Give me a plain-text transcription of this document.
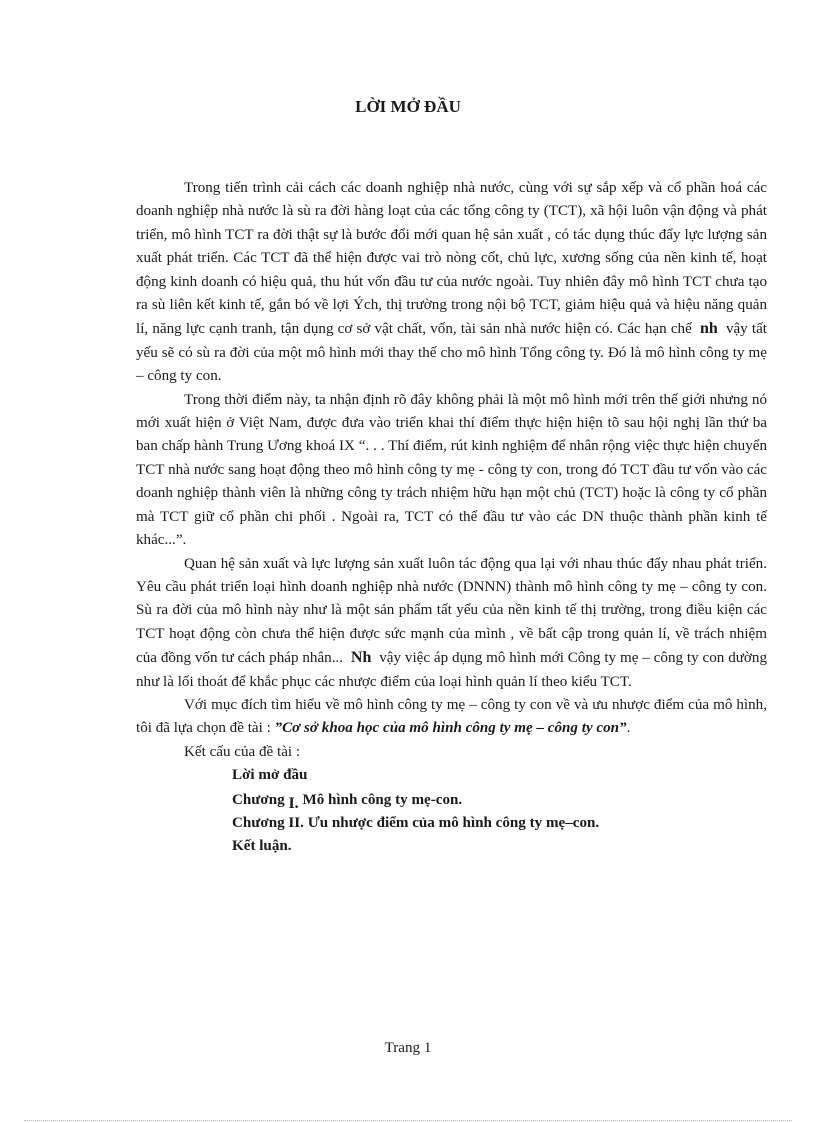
LỜI MỞ ĐẦU

Trong tiến trình cải cách các doanh nghiệp nhà nước, cùng với sự sắp xếp và cổ phần hoá các doanh nghiệp nhà nước là sù ra đời hàng loạt của các tổng công ty (TCT), xã hội luôn vận động và phát triển, mô hình TCT ra đời thật sự là bước đổi mới quan hệ sản xuất , có tác dụng thúc đẩy lực lượng sản xuất phát triển. Các TCT đã thể hiện được vai trò nòng cốt, chủ lực, xương sống của nền kinh tế, hoạt động kinh doanh có hiệu quả, thu hút vốn đầu tư của nước ngoài. Tuy nhiên đây mô hình TCT chưa tạo ra sù liên kết kinh tế, gắn bó về lợi Ých, thị trường trong nội bộ TCT, giảm hiệu quả và hiệu năng quản lí, năng lực cạnh tranh, tận dụng cơ sở vật chất, vốn, tài sản nhà nước hiện có. Các hạn chế nh vậy tất yếu sẽ có sù ra đời của một mô hình mới thay thế cho mô hình Tổng công ty. Đó là mô hình công ty mẹ – công ty con.

Trong thời điểm này, ta nhận định rõ đây không phải là một mô hình mới trên thế giới nhưng nó mới xuất hiện ở Việt Nam, được đưa vào triển khai thí điểm thực hiện hiện tõ sau hội nghị lần thứ ba ban chấp hành Trung Ương khoá IX “. . . Thí điểm, rút kinh nghiệm để nhân rộng việc thực hiện chuyển TCT nhà nước sang hoạt động theo mô hình công ty mẹ - công ty con, trong đó TCT đầu tư vốn vào các doanh nghiệp thành viên là những công ty trách nhiệm hữu hạn một chủ (TCT) hoặc là công ty cổ phần mà TCT giữ cổ phần chi phối . Ngoài ra, TCT có thể đầu tư vào các DN thuộc thành phần kinh tế khác...”.

Quan hệ sản xuất và lực lượng sản xuất luôn tác động qua lại với nhau thúc đẩy nhau phát triển. Yêu cầu phát triển loại hình doanh nghiệp nhà nước (DNNN) thành mô hình công ty mẹ – công ty con. Sù ra đời của mô hình này như là một sản phẩm tất yếu của nền kinh tế thị trường, trong điều kiện các TCT hoạt động còn chưa thể hiện được sức mạnh của mình , về bất cập trong quản lí, về trách nhiệm của đồng vốn tư cách pháp nhân... Nh vậy việc áp dụng mô hình mới Công ty mẹ – công ty con dường như là lối thoát để khắc phục các nhược điểm của loại hình quản lí theo kiểu TCT.

Với mục đích tìm hiểu về mô hình công ty mẹ – công ty con về và ưu nhược điểm của mô hình, tôi đã lựa chọn đề tài : ”Cơ sở khoa học của mô hình công ty mẹ – công ty con”.

Kết cấu của đề tài :

Lời mở đầu
Chương I. Mô hình công ty mẹ-con.
Chương II. Ưu nhược điểm của mô hình công ty mẹ–con.
Kết luận.
Trang 1
